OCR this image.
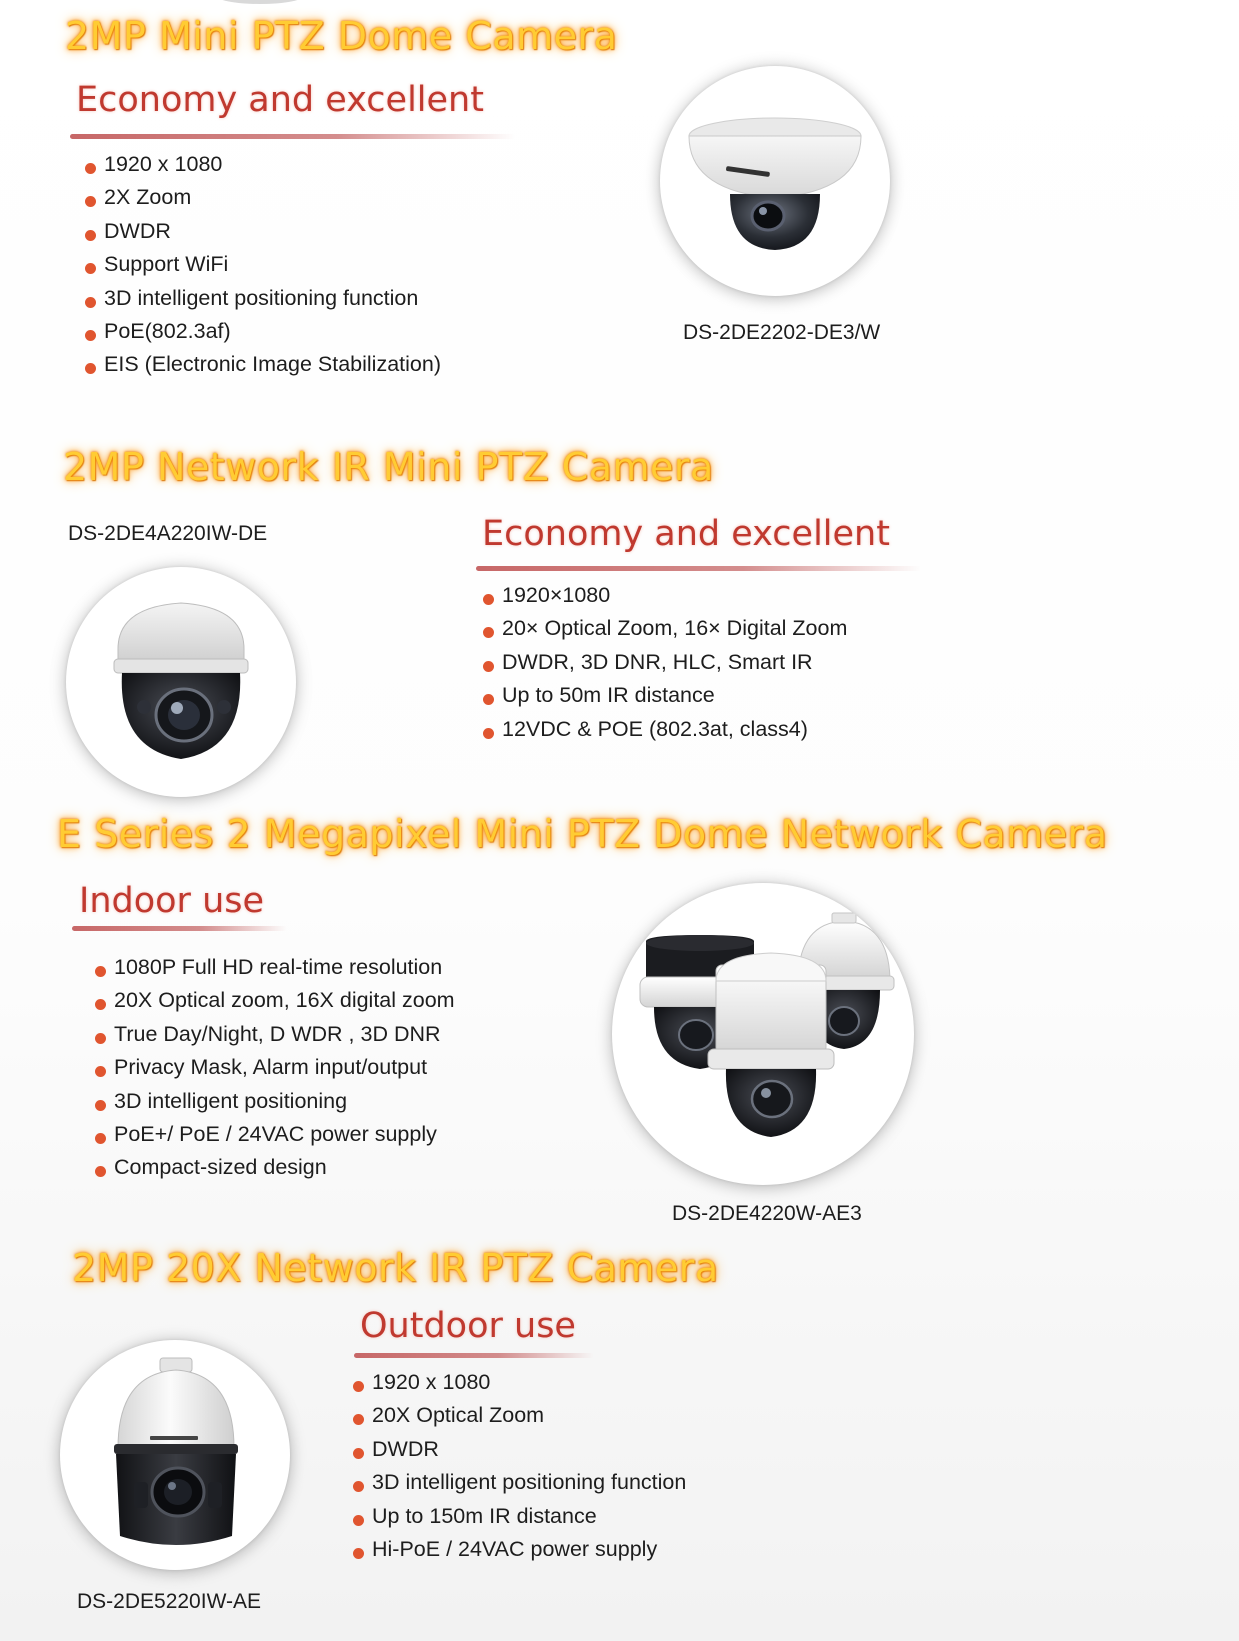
2MP Mini PTZ Dome Camera
Economy and excellent
1920 x 1080
2X Zoom
DWDR
Support WiFi
3D intelligent positioning function
PoE(802.3af)
EIS (Electronic Image Stabilization)
DS-2DE2202-DE3/W
2MP Network IR Mini PTZ Camera
DS-2DE4A220IW-DE	Economy and excellent
1920×1080
20× Optical Zoom, 16× Digital Zoom
DWDR, 3D DNR, HLC, Smart IR
Up to 50m IR distance
12VDC & POE (802.3at, class4)
E Series 2 Megapixel Mini PTZ Dome Network Camera
Indoor use
1080P Full HD real-time resolution
20X Optical zoom, 16X digital zoom
True Day/Night, D WDR , 3D DNR
Privacy Mask, Alarm input/output
3D intelligent positioning
PoE+/ PoE / 24VAC power supply
Compact-sized design
DS-2DE4220W-AE3
2MP 20X Network IR PTZ Camera
Outdoor use
1920 x 1080
20X Optical Zoom
DWDR
3D intelligent positioning function
Up to 150m IR distance
Hi-PoE / 24VAC power supply
DS-2DE5220IW-AE
